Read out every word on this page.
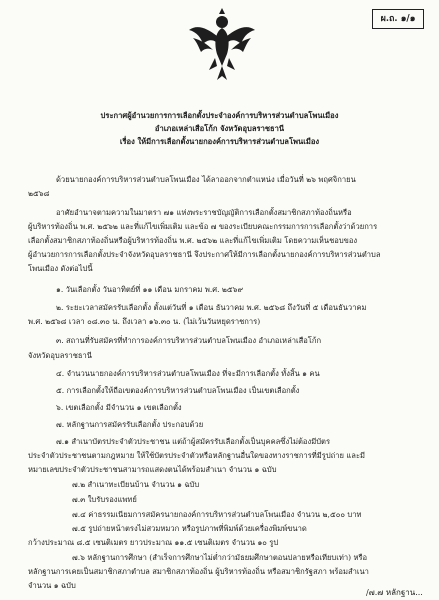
ผ.ถ. ๑/๑
ประกาศผู้อำนวยการการเลือกตั้งประจำองค์การบริหารส่วนตำบลโพนเมือง
อำเภอเหล่าเสือโก้ก จังหวัดอุบลราชธานี
เรื่อง ให้มีการเลือกตั้งนายกองค์การบริหารส่วนตำบลโพนเมือง
ด้วยนายกองค์การบริหารส่วนตำบลโพนเมือง ได้ลาออกจากตำแหน่ง เมื่อวันที่ ๒๖ พฤศจิกายน
๒๕๖๘
อาศัยอำนาจตามความในมาตรา ๗๑ แห่งพระราชบัญญัติการเลือกตั้งสมาชิกสภาท้องถิ่นหรือ
ผู้บริหารท้องถิ่น พ.ศ. ๒๕๖๒ และที่แก้ไขเพิ่มเติม และข้อ ๗ ของระเบียบคณะกรรมการการเลือกตั้งว่าด้วยการ
เลือกตั้งสมาชิกสภาท้องถิ่นหรือผู้บริหารท้องถิ่น พ.ศ. ๒๕๖๒ และที่แก้ไขเพิ่มเติม โดยความเห็นชอบของ
ผู้อำนวยการการเลือกตั้งประจำจังหวัดอุบลราชธานี จึงประกาศให้มีการเลือกตั้งนายกองค์การบริหารส่วนตำบล
โพนเมือง ดังต่อไปนี้
๑. วันเลือกตั้ง วันอาทิตย์ที่ ๑๑ เดือน มกราคม พ.ศ. ๒๕๖๙
๒. ระยะเวลาสมัครรับเลือกตั้ง ตั้งแต่วันที่ ๑ เดือน ธันวาคม พ.ศ. ๒๕๖๘ ถึงวันที่ ๕ เดือนธันวาคม
พ.ศ. ๒๕๖๘ เวลา ๐๘.๓๐ น. ถึงเวลา ๑๖.๓๐ น. (ไม่เว้นวันหยุดราชการ)
๓. สถานที่รับสมัครที่ทำการองค์การบริหารส่วนตำบลโพนเมือง อำเภอเหล่าเสือโก้ก
จังหวัดอุบลราชธานี
๔. จำนวนนายกองค์การบริหารส่วนตำบลโพนเมือง ที่จะมีการเลือกตั้ง ทั้งสิ้น ๑ คน
๕. การเลือกตั้งให้ถือเขตองค์การบริหารส่วนตำบลโพนเมือง เป็นเขตเลือกตั้ง
๖. เขตเลือกตั้ง มีจำนวน ๑ เขตเลือกตั้ง
๗. หลักฐานการสมัครรับเลือกตั้ง ประกอบด้วย
๗.๑ สำเนาบัตรประจำตัวประชาชน แต่ถ้าผู้สมัครรับเลือกตั้งเป็นบุคคลซึ่งไม่ต้องมีบัตร
ประจำตัวประชาชนตามกฎหมาย ให้ใช้บัตรประจำตัวหรือหลักฐานอื่นใดของทางราชการที่มีรูปถ่าย และมี
หมายเลขประจำตัวประชาชนสามารถแสดงตนได้พร้อมสำเนา จำนวน ๑ ฉบับ
๗.๒ สำเนาทะเบียนบ้าน จำนวน ๑ ฉบับ
๗.๓ ใบรับรองแพทย์
๗.๔ ค่าธรรมเนียมการสมัครนายกองค์การบริหารส่วนตำบลโพนเมือง จำนวน ๒,๕๐๐ บาท
๗.๕ รูปถ่ายหน้าตรงไม่สวมหมวก หรือรูปภาพที่พิมพ์ด้วยเครื่องพิมพ์ขนาด
กว้างประมาณ ๘.๕ เซนติเมตร ยาวประมาณ ๑๑.๕ เซนติเมตร จำนวน ๑๐ รูป
๗.๖ หลักฐานการศึกษา (สำเร็จการศึกษาไม่ต่ำกว่ามัธยมศึกษาตอนปลายหรือเทียบเท่า) หรือ
หลักฐานการเคยเป็นสมาชิกสภาตำบล สมาชิกสภาท้องถิ่น ผู้บริหารท้องถิ่น หรือสมาชิกรัฐสภา พร้อมสำเนา
จำนวน ๑ ฉบับ
/๗.๗ หลักฐาน...
